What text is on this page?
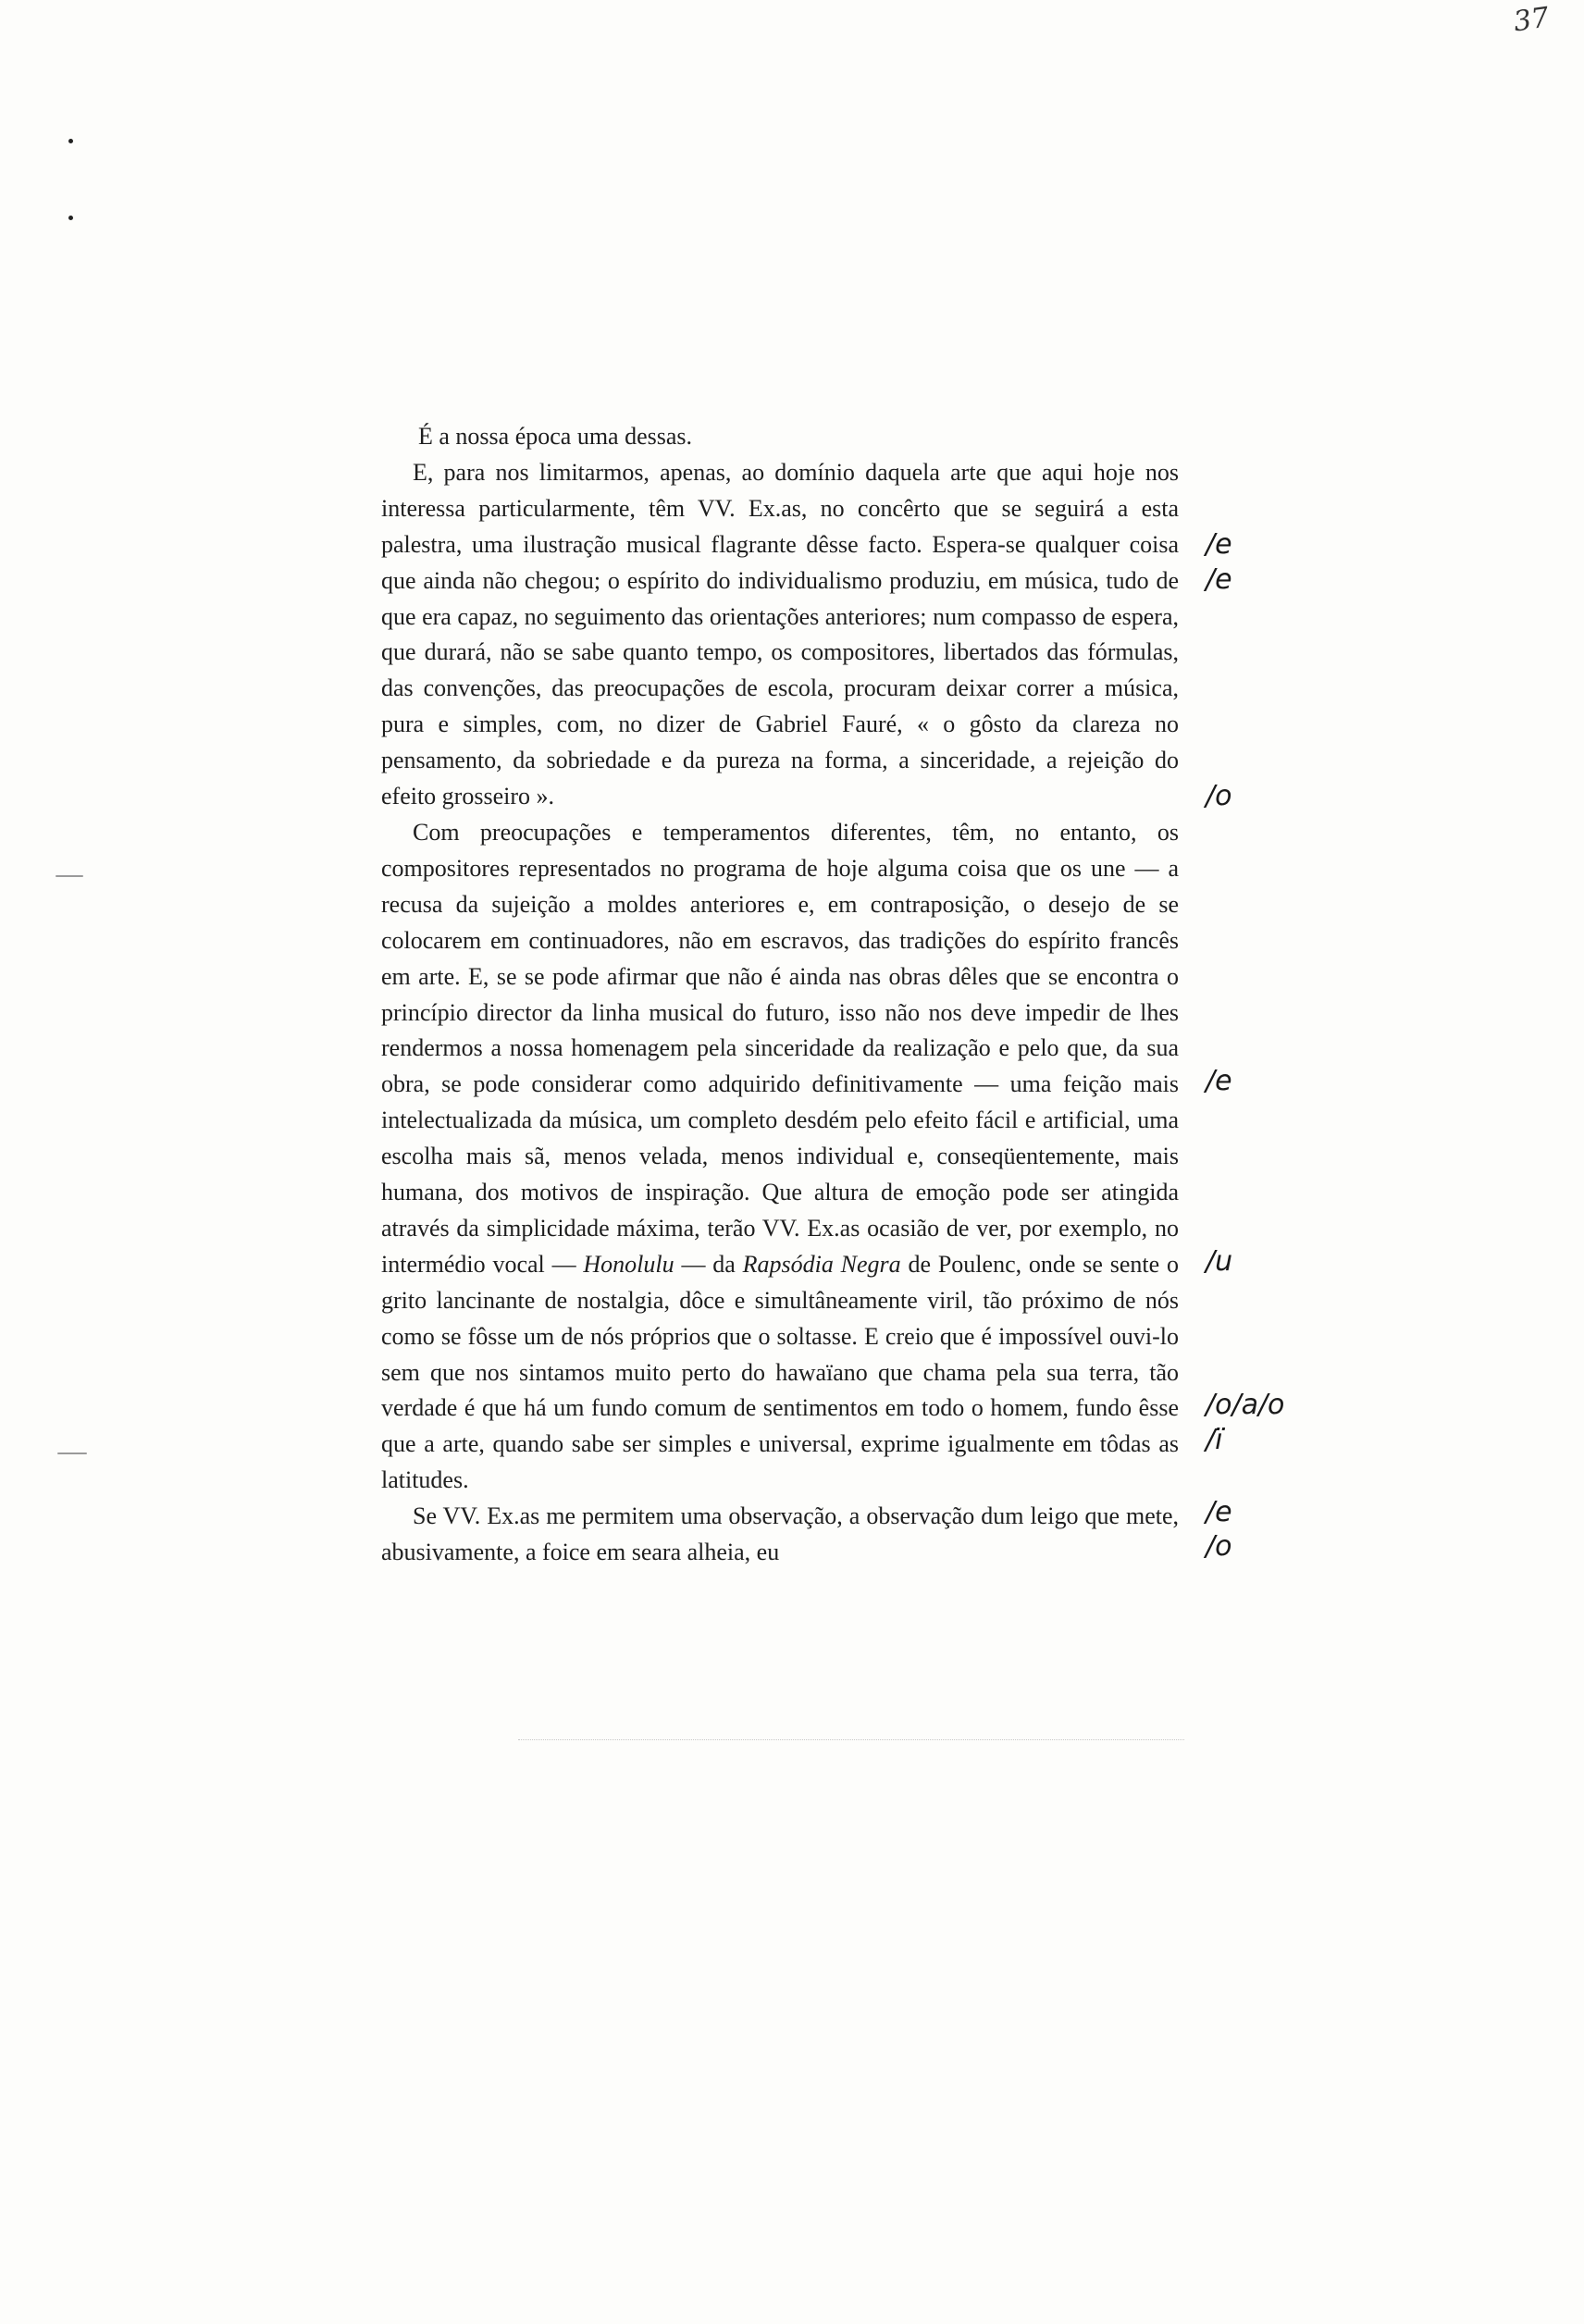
37

É a nossa época uma dessas.

E, para nos limitarmos, apenas, ao domínio daquela arte que aqui hoje nos interessa particularmente, têm VV. Ex.as, no concêrto que se seguirá a esta palestra, uma ilustração musical flagrante dêsse facto. Espera-se qualquer coisa que ainda não chegou; o espírito do individualismo produziu, em música, tudo de que era capaz, no seguimento das orientações anteriores; num compasso de espera, que durará, não se sabe quanto tempo, os compositores, libertados das fórmulas, das convenções, das preocupações de escola, procuram deixar correr a música, pura e simples, com, no dizer de Gabriel Fauré, « o gôsto da clareza no pensamento, da sobriedade e da pureza na forma, a sinceridade, a rejeição do efeito grosseiro ».

Com preocupações e temperamentos diferentes, têm, no entanto, os compositores representados no programa de hoje alguma coisa que os une — a recusa da sujeição a moldes anteriores e, em contraposição, o desejo de se colocarem em continuadores, não em escravos, das tradições do espírito francês em arte. E, se se pode afirmar que não é ainda nas obras dêles que se encontra o princípio director da linha musical do futuro, isso não nos deve impedir de lhes rendermos a nossa homenagem pela sinceridade da realização e pelo que, da sua obra, se pode considerar como adquirido definitivamente — uma feição mais intelectualizada da música, um completo desdém pelo efeito fácil e artificial, uma escolha mais sã, menos velada, menos individual e, conseqüentemente, mais humana, dos motivos de inspiração. Que altura de emoção pode ser atingida através da simplicidade máxima, terão VV. Ex.as ocasião de ver, por exemplo, no intermédio vocal — Honolulu — da Rapsódia Negra de Poulenc, onde se sente o grito lancinante de nostalgia, dôce e simultâneamente viril, tão próximo de nós como se fôsse um de nós próprios que o soltasse. E creio que é impossível ouvi-lo sem que nos sintamos muito perto do hawaïano que chama pela sua terra, tão verdade é que há um fundo comum de sentimentos em todo o homem, fundo êsse que a arte, quando sabe ser simples e universal, exprime igualmente em tôdas as latitudes.

Se VV. Ex.as me permitem uma observação, a observação dum leigo que mete, abusivamente, a foice em seara alheia, eu

/e
/e
/o
/e
/u
/o/a/o
/ï
/e
/o
